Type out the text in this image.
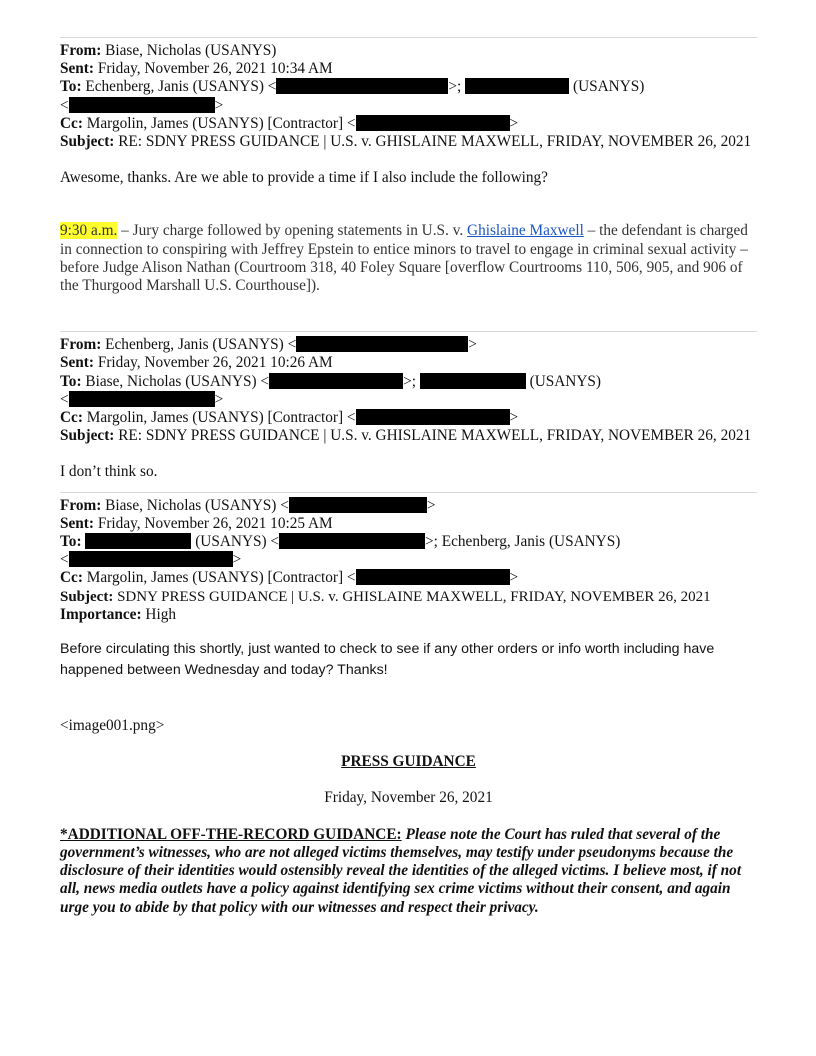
From: Biase, Nicholas (USANYS)
Sent: Friday, November 26, 2021 10:34 AM
To: Echenberg, Janis (USANYS) <	>;	(USANYS)
<	>
Cc: Margolin, James (USANYS) [Contractor] <	>
Subject: RE: SDNY PRESS GUIDANCE | U.S. v. GHISLAINE MAXWELL, FRIDAY, NOVEMBER 26, 2021

Awesome, thanks. Are we able to provide a time if I also include the following?

9:30 a.m. – Jury charge followed by opening statements in U.S. v. Ghislaine Maxwell – the defendant is charged in connection to conspiring with Jeffrey Epstein to entice minors to travel to engage in criminal sexual activity – before Judge Alison Nathan (Courtroom 318, 40 Foley Square [overflow Courtrooms 110, 506, 905, and 906 of the Thurgood Marshall U.S. Courthouse]).

From: Echenberg, Janis (USANYS) <	>
Sent: Friday, November 26, 2021 10:26 AM
To: Biase, Nicholas (USANYS) <	>;	(USANYS)
<	>
Cc: Margolin, James (USANYS) [Contractor] <	>
Subject: RE: SDNY PRESS GUIDANCE | U.S. v. GHISLAINE MAXWELL, FRIDAY, NOVEMBER 26, 2021

I don’t think so.

From: Biase, Nicholas (USANYS) <	>
Sent: Friday, November 26, 2021 10:25 AM
To:	(USANYS) <	>; Echenberg, Janis (USANYS)
<	>
Cc: Margolin, James (USANYS) [Contractor] <	>
Subject: SDNY PRESS GUIDANCE | U.S. v. GHISLAINE MAXWELL, FRIDAY, NOVEMBER 26, 2021
Importance: High

Before circulating this shortly, just wanted to check to see if any other orders or info worth including have happened between Wednesday and today? Thanks!

<image001.png>

PRESS GUIDANCE

Friday, November 26, 2021

*ADDITIONAL OFF-THE-RECORD GUIDANCE: Please note the Court has ruled that several of the government’s witnesses, who are not alleged victims themselves, may testify under pseudonyms because the disclosure of their identities would ostensibly reveal the identities of the alleged victims. I believe most, if not all, news media outlets have a policy against identifying sex crime victims without their consent, and again urge you to abide by that policy with our witnesses and respect their privacy.
